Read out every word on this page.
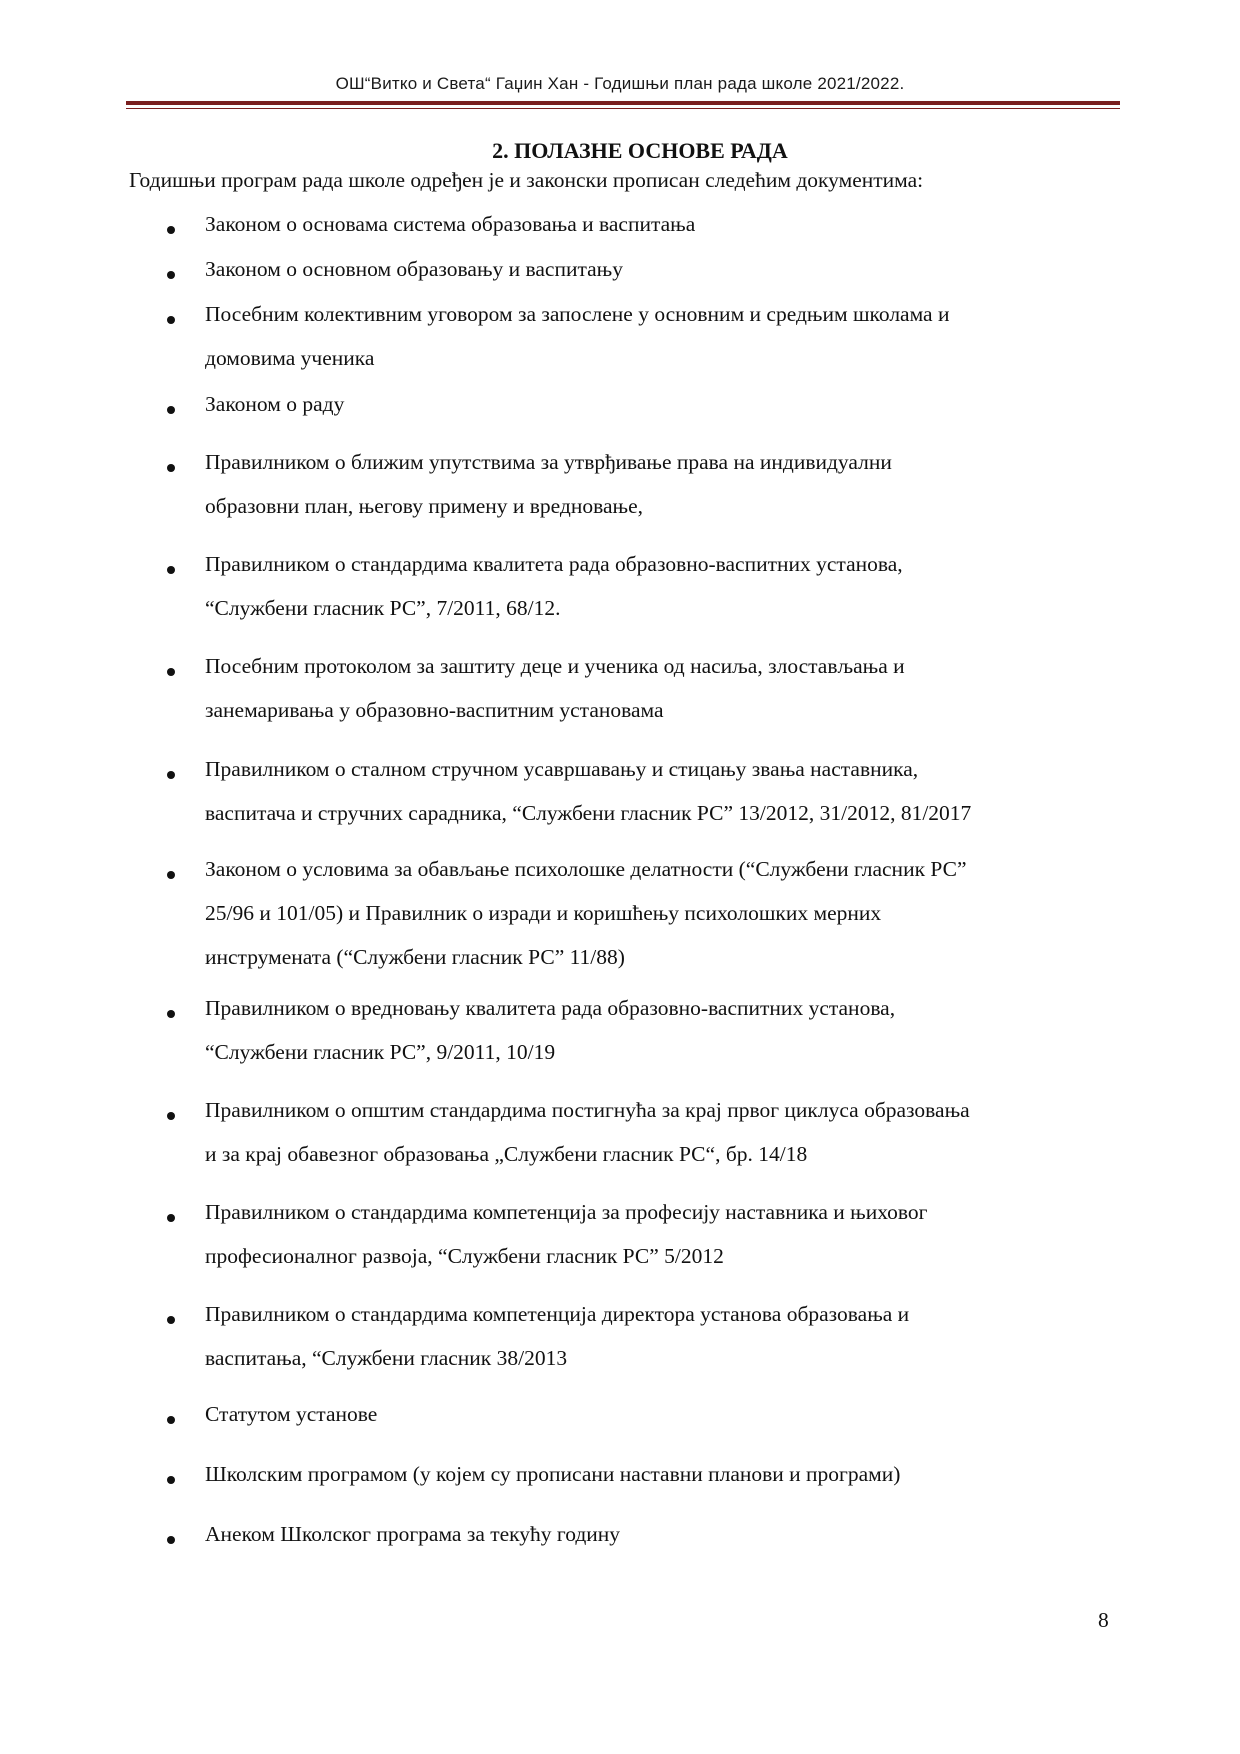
ОШ“Витко и Света“ Гаџин Хан - Годишњи план рада школе 2021/2022.
2. ПОЛАЗНЕ ОСНОВЕ РАДА
Годишњи програм рада школе одређен је и законски прописан следећим документима:
Законом о основама система образовања и васпитања
Законом о основном образовању и васпитању
Посебним колективним уговором за запослене у основним и средњим школама и
домовима ученика
Законом о раду
Правилником о ближим упутствима за утврђивање права на индивидуални
образовни план, његову примену и вредновање,
Правилником о стандардима квалитета рада образовно-васпитних установа,
“Службени гласник РС”, 7/2011, 68/12.
Посебним протоколом за заштиту деце и ученика од насиља, злостављања и
занемаривања у образовно-васпитним установама
Правилником о сталном стручном усавршавању и стицању звања наставника,
васпитача и стручних сарадника, “Службени гласник РС” 13/2012, 31/2012, 81/2017
Законом о условима за обављање психолошке делатности (“Службени гласник РС”
25/96 и 101/05) и Правилник о изради и коришћењу психолошких мерних
инструмената (“Службени гласник РС” 11/88)
Правилником о вредновању квалитета рада образовно-васпитних установа,
“Службени гласник РС”, 9/2011, 10/19
Правилником о општим стандардима постигнућа за крај првог циклуса образовања
и за крај обавезног образовања „Службени гласник РС“, бр. 14/18
Правилником о стандардима компетенција за професију наставника и њиховог
професионалног развоја, “Службени гласник РС” 5/2012
Правилником о стандардима компетенција директора установа образовања и
васпитања, “Службени гласник 38/2013
Статутом установе
Школским програмом (у којем су прописани наставни планови и програми)
Анеком Школског програма за текућу годину
8
